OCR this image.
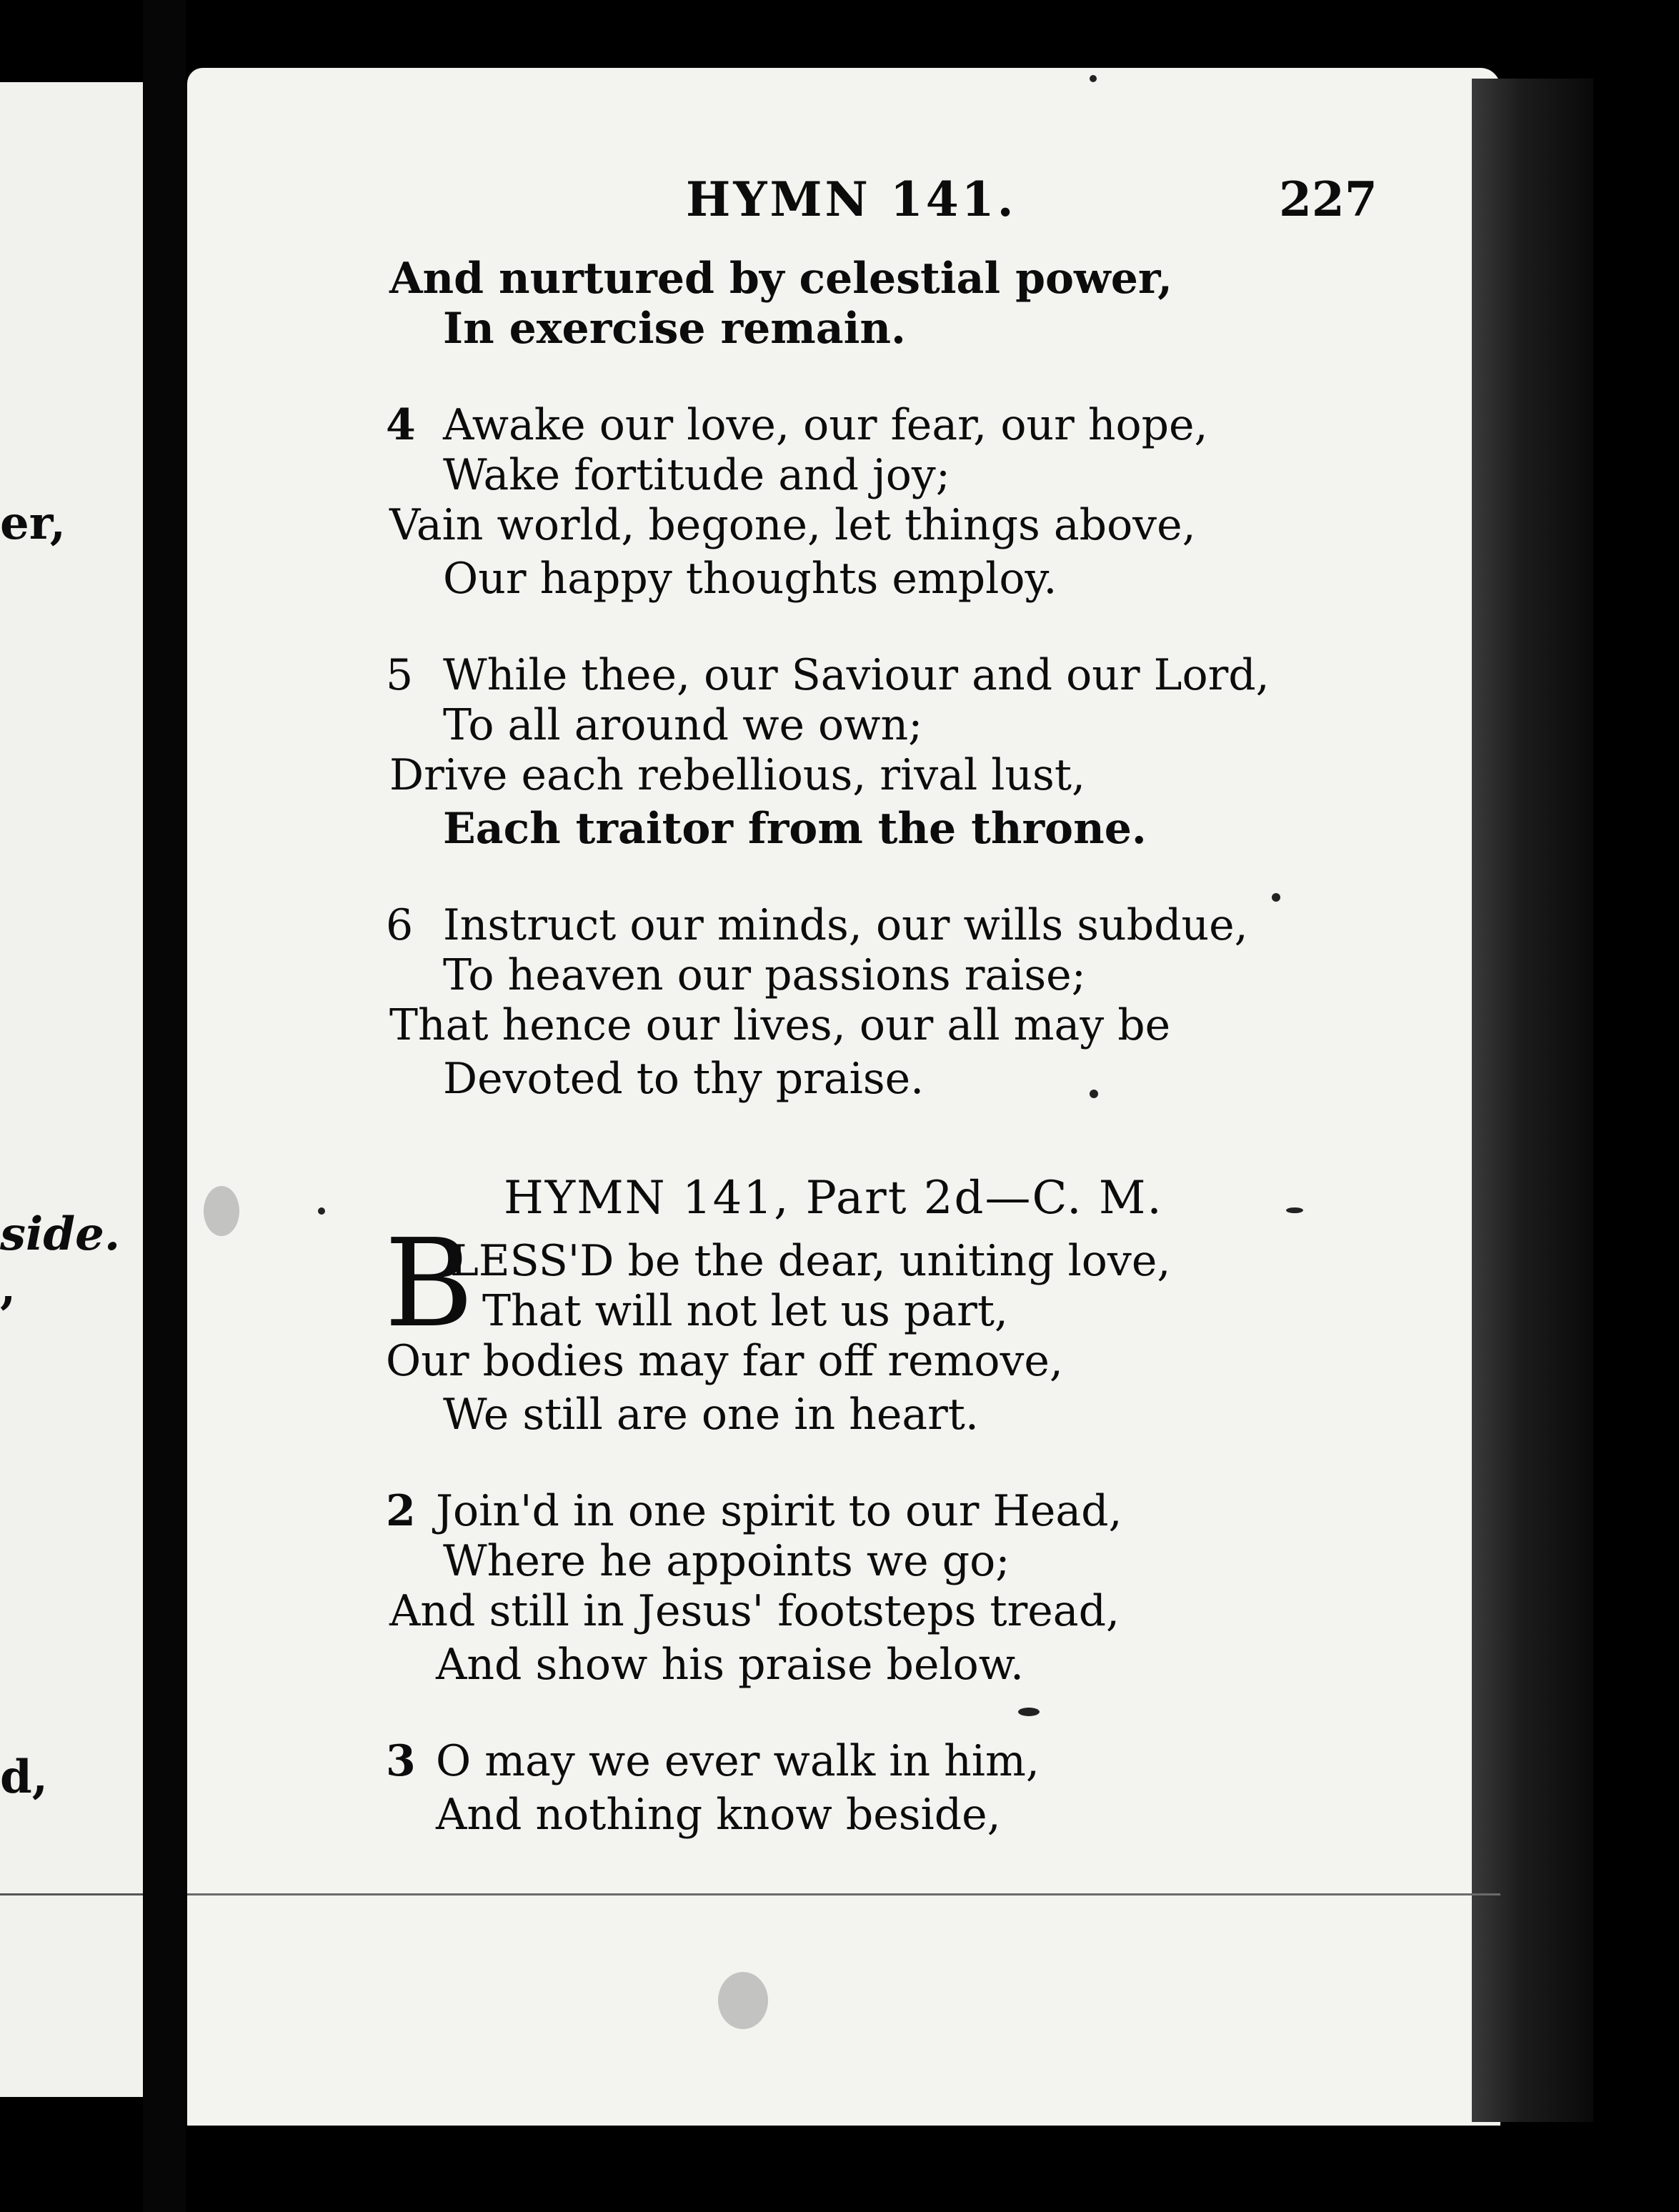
er,
side.
,
d,
HYMN 141.	227
And nurtured by celestial power,
In exercise remain.
4 Awake our love, our fear, our hope,
Wake fortitude and joy;
Vain world, begone, let things above,
Our happy thoughts employ.
5 While thee, our Saviour and our Lord,
To all around we own;
Drive each rebellious, rival lust,
Each traitor from the throne.
6 Instruct our minds, our wills subdue,
To heaven our passions raise;
That hence our lives, our all may be
Devoted to thy praise.
HYMN 141, Part 2d—C. M.
B
LESS'D be the dear, uniting love,
That will not let us part,
Our bodies may far off remove,
We still are one in heart.
2 Join'd in one spirit to our Head,
Where he appoints we go;
And still in Jesus' footsteps tread,
And show his praise below.
3 O may we ever walk in him,
And nothing know beside,
